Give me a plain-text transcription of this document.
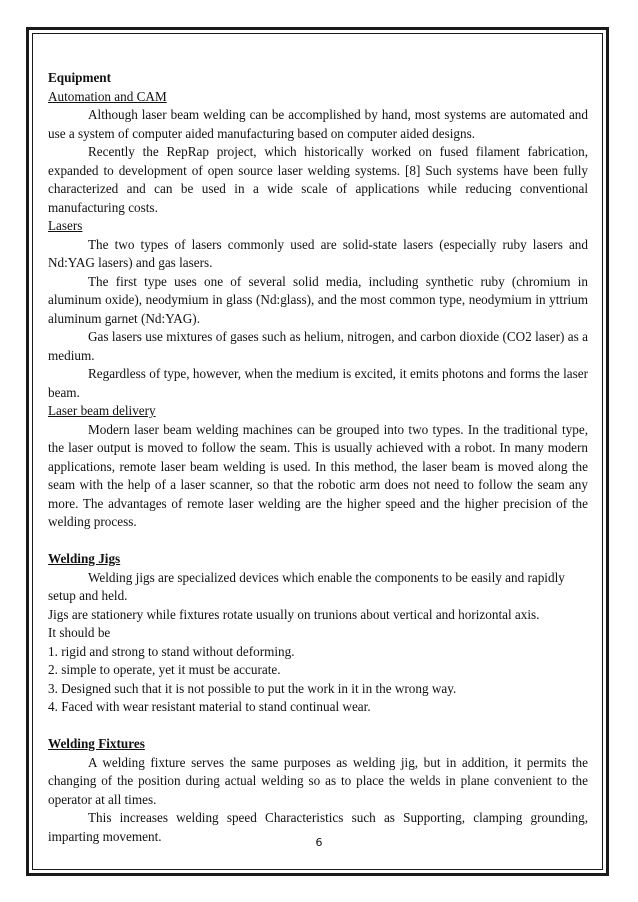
Equipment

Automation and CAM

Although laser beam welding can be accomplished by hand, most systems are automated and use a system of computer aided manufacturing based on computer aided designs.

Recently the RepRap project, which historically worked on fused filament fabrication, expanded to development of open source laser welding systems. [8] Such systems have been fully characterized and can be used in a wide scale of applications while reducing conventional manufacturing costs.

Lasers

The two types of lasers commonly used are solid-state lasers (especially ruby lasers and Nd:YAG lasers) and gas lasers.

The first type uses one of several solid media, including synthetic ruby (chromium in aluminum oxide), neodymium in glass (Nd:glass), and the most common type, neodymium in yttrium aluminum garnet (Nd:YAG).

Gas lasers use mixtures of gases such as helium, nitrogen, and carbon dioxide (CO2 laser) as a medium.

Regardless of type, however, when the medium is excited, it emits photons and forms the laser beam.

Laser beam delivery

Modern laser beam welding machines can be grouped into two types. In the traditional type, the laser output is moved to follow the seam. This is usually achieved with a robot. In many modern applications, remote laser beam welding is used. In this method, the laser beam is moved along the seam with the help of a laser scanner, so that the robotic arm does not need to follow the seam any more. The advantages of remote laser welding are the higher speed and the higher precision of the welding process.

Welding Jigs

Welding jigs are specialized devices which enable the components to be easily and rapidly setup and held.

Jigs are stationery while fixtures rotate usually on trunions about vertical and horizontal axis.

It should be

1. rigid and strong to stand without deforming.

2. simple to operate, yet it must be accurate.

3. Designed such that it is not possible to put the work in it in the wrong way.

4. Faced with wear resistant material to stand continual wear.

Welding Fixtures

A welding fixture serves the same purposes as welding jig, but in addition, it permits the changing of the position during actual welding so as to place the welds in plane convenient to the operator at all times.

This increases welding speed Characteristics such as Supporting, clamping grounding, imparting movement.	6
